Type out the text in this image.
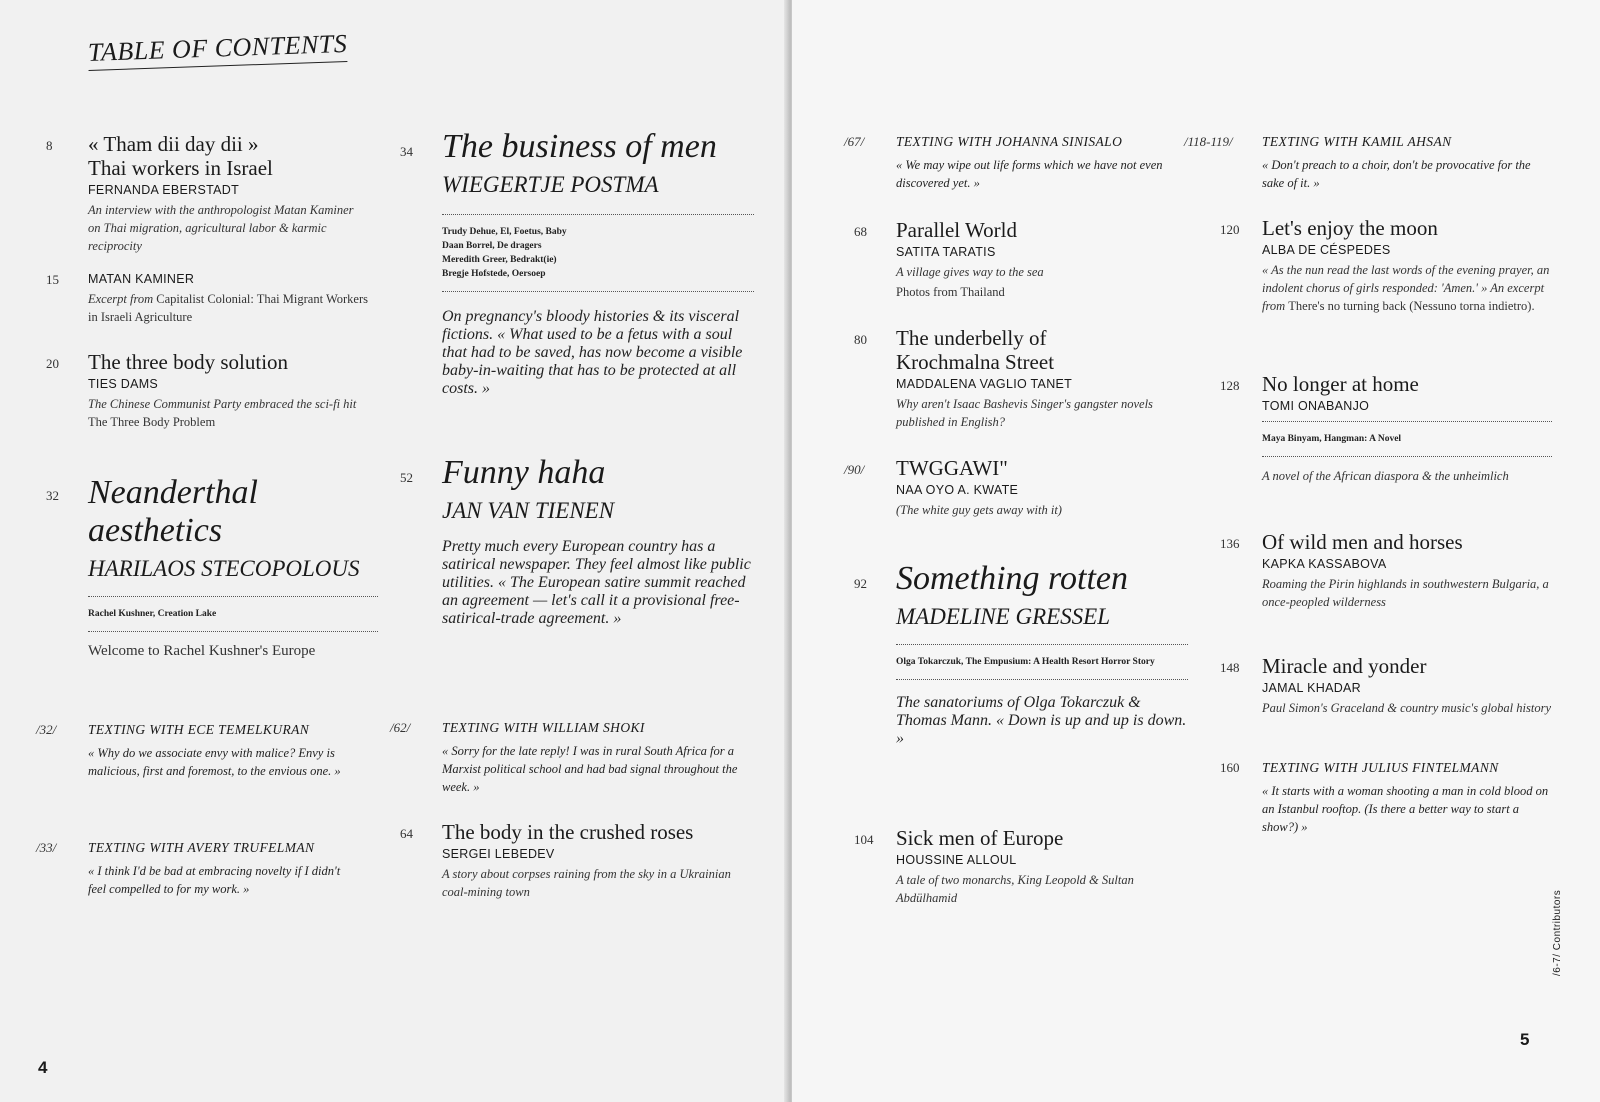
TABLE OF CONTENTS
8 « Tham dii day dii »
Thai workers in Israel
FERNANDA EBERSTADT
An interview with the anthropologist Matan Kaminer on Thai migration, agricultural labor & karmic reciprocity
15 MATAN KAMINER
Excerpt from Capitalist Colonial: Thai Migrant Workers in Israeli Agriculture
20 The three body solution
TIES DAMS
The Chinese Communist Party embraced the sci-fi hit The Three Body Problem
32 Neanderthal
aesthetics
HARILAOS STECOPOLOUS
Rachel Kushner, Creation Lake
Welcome to Rachel Kushner's Europe
/32/ TEXTING WITH ECE TEMELKURAN
« Why do we associate envy with malice? Envy is malicious, first and foremost, to the envious one. »
/33/ TEXTING WITH AVERY TRUFELMAN
« I think I'd be bad at embracing novelty if I didn't feel compelled to for my work. »
34 The business of men
WIEGERTJE POSTMA
Trudy Dehue, El, Foetus, Baby
Daan Borrel, De dragers
Meredith Greer, Bedrakt(ie)
Bregje Hofstede, Oersoep
On pregnancy's bloody histories & its visceral fictions. « What used to be a fetus with a soul that had to be saved, has now become a visible baby-in-waiting that has to be protected at all costs. »
52 Funny haha
JAN VAN TIENEN
Pretty much every European country has a satirical newspaper. They feel almost like public utilities. « The European satire summit reached an agreement — let's call it a provisional free-satirical-trade agreement. »
/62/ TEXTING WITH WILLIAM SHOKI
« Sorry for the late reply! I was in rural South Africa for a Marxist political school and had bad signal throughout the week. »
64 The body in the crushed roses
SERGEI LEBEDEV
A story about corpses raining from the sky in a Ukrainian coal-mining town
4
/67/ TEXTING WITH JOHANNA SINISALO
« We may wipe out life forms which we have not even discovered yet. »
68 Parallel World
SATITA TARATIS
A village gives way to the sea
Photos from Thailand
80 The underbelly of
Krochmalna Street
MADDALENA VAGLIO TANET
Why aren't Isaac Bashevis Singer's gangster novels published in English?
/90/ TWGGAWI"
NAA OYO A. KWATE
(The white guy gets away with it)
92 Something rotten
MADELINE GRESSEL
Olga Tokarczuk, The Empusium: A Health Resort Horror Story
The sanatoriums of Olga Tokarczuk & Thomas Mann. « Down is up and up is down. »
104 Sick men of Europe
HOUSSINE ALLOUL
A tale of two monarchs, King Leopold & Sultan Abdülhamid
/118-119/ TEXTING WITH KAMIL AHSAN
« Don't preach to a choir, don't be provocative for the sake of it. »
120 Let's enjoy the moon
ALBA DE CÉSPEDES
« As the nun read the last words of the evening prayer, an indolent chorus of girls responded: 'Amen.' » An excerpt from There's no turning back (Nessuno torna indietro).
128 No longer at home
TOMI ONABANJO
Maya Binyam, Hangman: A Novel
A novel of the African diaspora & the unheimlich
136 Of wild men and horses
KAPKA KASSABOVA
Roaming the Pirin highlands in southwestern Bulgaria, a once-peopled wilderness
148 Miracle and yonder
JAMAL KHADAR
Paul Simon's Graceland & country music's global history
160 TEXTING WITH JULIUS FINTELMANN
« It starts with a woman shooting a man in cold blood on an Istanbul rooftop. (Is there a better way to start a show?) »
/6-7/ Contributors
5
